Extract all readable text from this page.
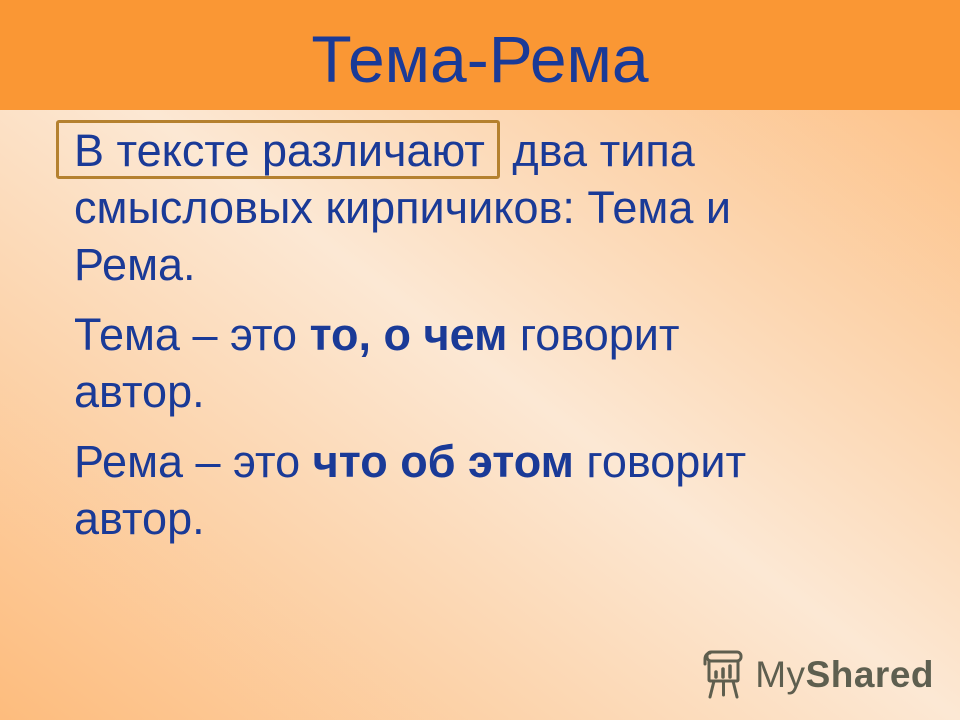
Тема-Рема
В тексте различают два типа
смысловых кирпичиков: Тема и
Рема.
Тема – это то, о чем говорит
автор.
Рема – это что об этом говорит
автор.
MyShared
